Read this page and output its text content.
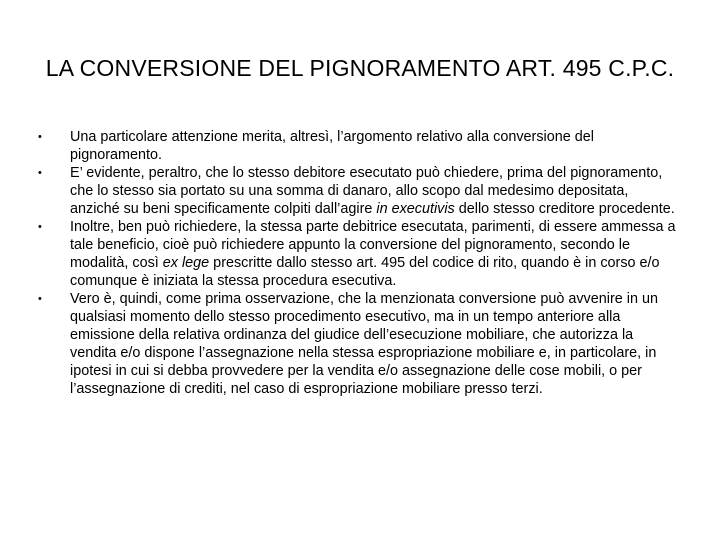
LA CONVERSIONE DEL PIGNORAMENTO ART. 495 C.P.C.
•	Una particolare attenzione merita, altresì, l’argomento relativo alla conversione del pignoramento.
•	E’ evidente, peraltro, che lo stesso debitore esecutato può chiedere, prima del pignoramento, che lo stesso sia portato su una somma di danaro, allo scopo dal medesimo depositata, anziché su beni specificamente colpiti dall’agire in executivis dello stesso creditore procedente.
•	Inoltre, ben può richiedere, la stessa parte debitrice esecutata, parimenti, di essere ammessa a tale beneficio, cioè può richiedere appunto la conversione del pignoramento, secondo le modalità, così ex lege prescritte dallo stesso art. 495 del codice di rito, quando è in corso e/o comunque è iniziata la stessa procedura esecutiva.
•	Vero è, quindi, come prima osservazione, che la menzionata conversione può avvenire in un qualsiasi momento dello stesso procedimento esecutivo, ma in un tempo anteriore alla emissione della relativa ordinanza del giudice dell’esecuzione mobiliare, che autorizza la vendita e/o dispone l’assegnazione nella stessa espropriazione mobiliare e, in particolare, in ipotesi in cui si debba provvedere per la vendita e/o assegnazione delle cose mobili, o per l’assegnazione di crediti, nel caso di espropriazione mobiliare presso terzi.
